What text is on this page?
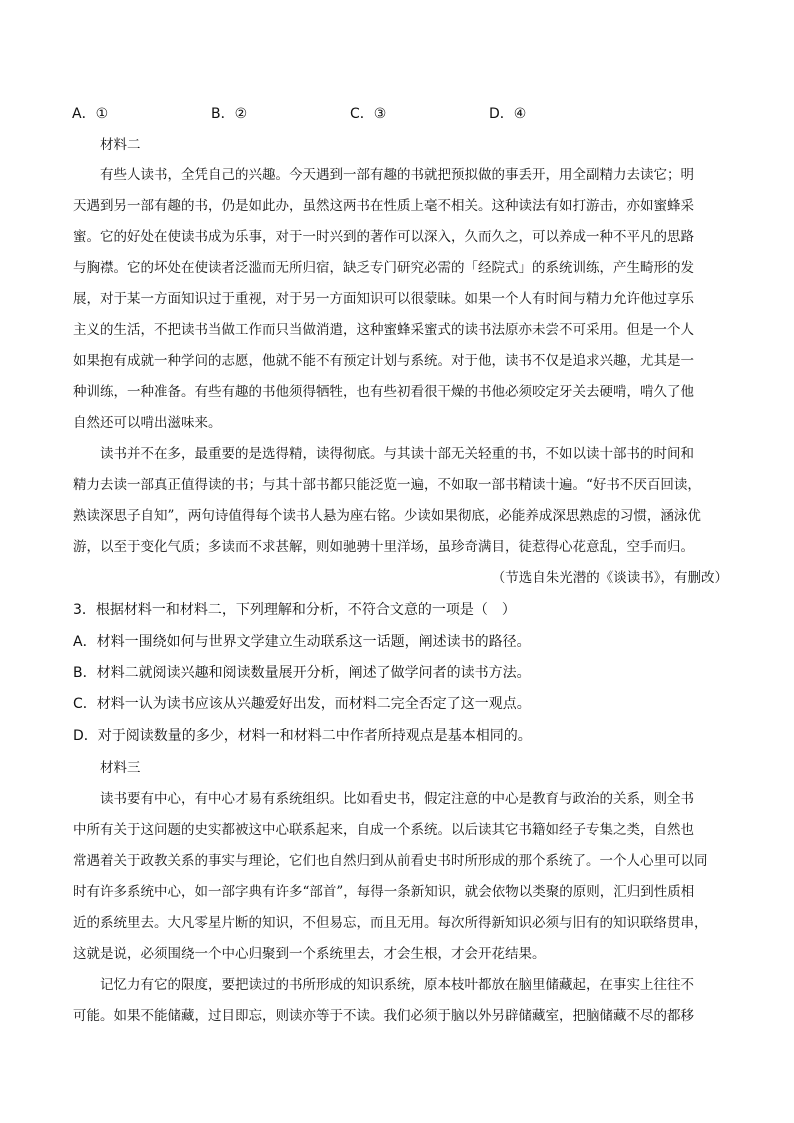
A．①	B．②	C．③	D．④
材料二
有些人读书，全凭自己的兴趣。今天遇到一部有趣的书就把预拟做的事丢开，用全副精力去读它；明
天遇到另一部有趣的书，仍是如此办，虽然这两书在性质上毫不相关。这种读法有如打游击，亦如蜜蜂采
蜜。它的好处在使读书成为乐事，对于一时兴到的著作可以深入，久而久之，可以养成一种不平凡的思路
与胸襟。它的坏处在使读者泛滥而无所归宿，缺乏专门研究必需的「经院式」的系统训练，产生畸形的发
展，对于某一方面知识过于重视，对于另一方面知识可以很蒙昧。如果一个人有时间与精力允许他过享乐
主义的生活，不把读书当做工作而只当做消遣，这种蜜蜂采蜜式的读书法原亦未尝不可采用。但是一个人
如果抱有成就一种学问的志愿，他就不能不有预定计划与系统。对于他，读书不仅是追求兴趣，尤其是一
种训练，一种准备。有些有趣的书他须得牺牲，也有些初看很干燥的书他必须咬定牙关去硬啃，啃久了他
自然还可以啃出滋味来。
读书并不在多，最重要的是选得精，读得彻底。与其读十部无关轻重的书，不如以读十部书的时间和
精力去读一部真正值得读的书；与其十部书都只能泛览一遍，不如取一部书精读十遍。“好书不厌百回读，
熟读深思子自知”，两句诗值得每个读书人悬为座右铭。少读如果彻底，必能养成深思熟虑的习惯，涵泳优
游，以至于变化气质；多读而不求甚解，则如驰骋十里洋场，虽珍奇满目，徒惹得心花意乱，空手而归。
（节选自朱光潜的《谈读书》，有删改）
3．根据材料一和材料二，下列理解和分析，不符合文意的一项是（　）
A．材料一围绕如何与世界文学建立生动联系这一话题，阐述读书的路径。
B．材料二就阅读兴趣和阅读数量展开分析，阐述了做学问者的读书方法。
C．材料一认为读书应该从兴趣爱好出发，而材料二完全否定了这一观点。
D．对于阅读数量的多少，材料一和材料二中作者所持观点是基本相同的。
材料三
读书要有中心，有中心才易有系统组织。比如看史书，假定注意的中心是教育与政治的关系，则全书
中所有关于这问题的史实都被这中心联系起来，自成一个系统。以后读其它书籍如经子专集之类，自然也
常遇着关于政教关系的事实与理论，它们也自然归到从前看史书时所形成的那个系统了。一个人心里可以同
时有许多系统中心，如一部字典有许多“部首”，每得一条新知识，就会依物以类聚的原则，汇归到性质相
近的系统里去。大凡零星片断的知识，不但易忘，而且无用。每次所得新知识必须与旧有的知识联络贯串，
这就是说，必须围绕一个中心归聚到一个系统里去，才会生根，才会开花结果。
记忆力有它的限度，要把读过的书所形成的知识系统，原本枝叶都放在脑里储藏起，在事实上往往不
可能。如果不能储藏，过目即忘，则读亦等于不读。我们必须于脑以外另辟储藏室，把脑储藏不尽的都移
